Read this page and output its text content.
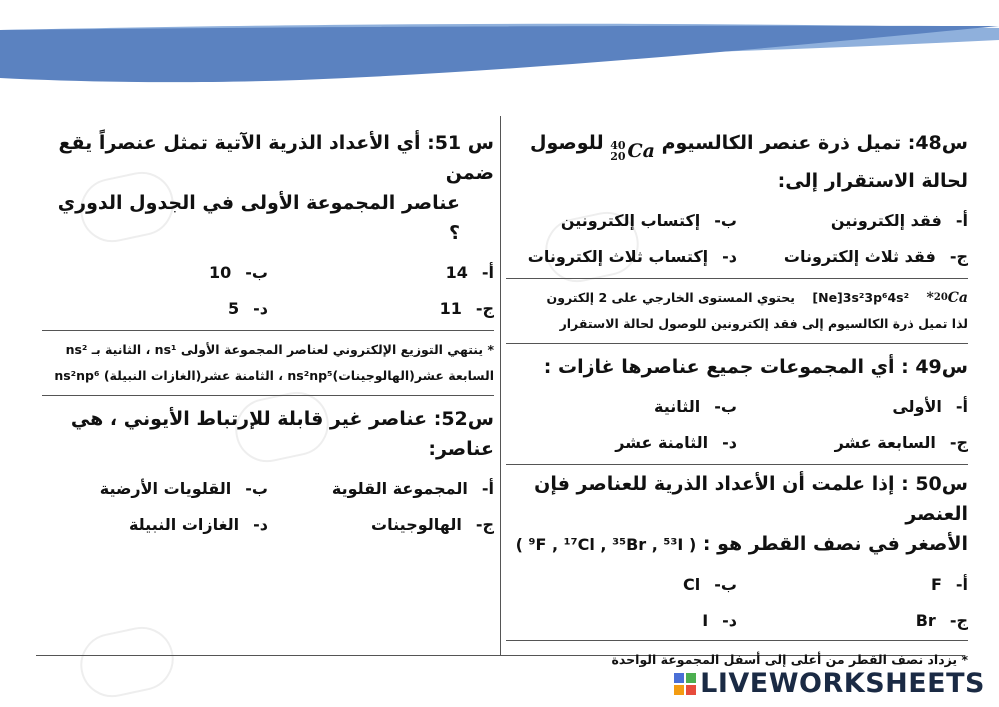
س48: تميل ذرة عنصر الكالسيوم
40
20 Ca
للوصول لحالة الاستقرار إلى:
أ-
فقد إلكترونين
ب-
إكتساب إلكترونين
ج-
فقد ثلاث إلكترونات
د-
إكتساب ثلاث إلكترونات
* 20 Ca
[Ne]3s²3p⁶4s²    يحتوي المستوى الخارجي على 2 إلكترون
لذا تميل ذرة الكالسيوم إلى فقد إلكترونين للوصول لحالة الاستقرار
س49 : أي المجموعات جميع عناصرها غازات :
أ-
الأولى
ب-
الثانية
ج-
السابعة عشر
د-
الثامنة عشر
س50 : إذا علمت أن الأعداد الذرية للعناصر فإن العنصر
الأصغر في نصف القطر هو : ( ⁹F , ¹⁷Cl , ³⁵Br , ⁵³I )
أ-
F
ب-
Cl
ج-
Br
د-
I
* يزداد نصف القطر من أعلى إلى أسفل المجموعة الواحدة
س 51: أي الأعداد الذرية الآتية تمثل عنصراً يقع ضمن
عناصر المجموعة الأولى في الجدول الدوري ؟
أ-
14
ب-
10
ج-
11
د-
5
* ينتهي التوزيع الإلكتروني لعناصر المجموعة الأولى ns¹ ، الثانية بـ ns²
السابعة عشر(الهالوجينات)ns²np⁵ ، الثامنة عشر(الغازات النبيلة) ns²np⁶
س52: عناصر غير قابلة للإرتباط الأيوني ، هي عناصر:
أ-
المجموعة القلوية
ب-
القلويات الأرضية
ج-
الهالوجينات
د-
الغازات النبيلة
LIVEWORKSHEETS
